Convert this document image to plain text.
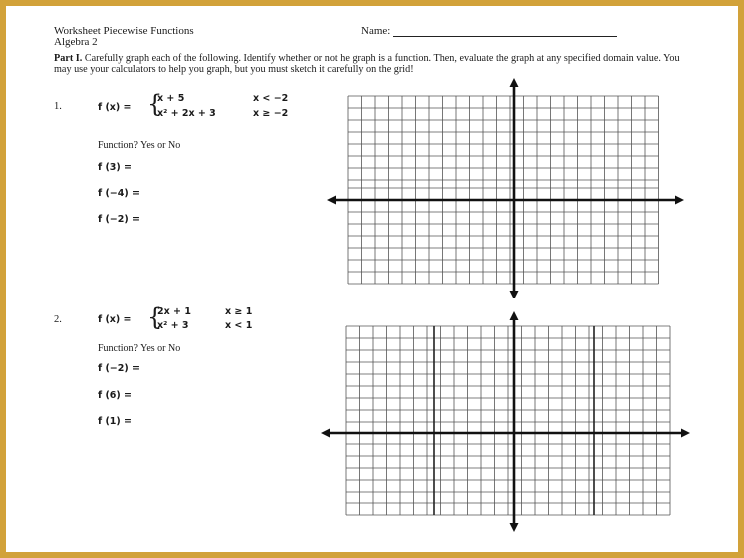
Worksheet Piecewise Functions
Algebra 2
Name:
Part I. Carefully graph each of the following. Identify whether or not he graph is a function. Then, evaluate the graph at any specified domain value. You may use your calculators to help you graph, but you must sketch it carefully on the grid!
1.	f (x) = {
x + 5	x < −2
x² + 2x + 3	x ≥ −2
Function? Yes or No
f (3) =
f (−4) =
f (−2) =
2.	f (x) = {
2x + 1	x ≥ 1
x² + 3	x < 1
Function? Yes or No
f (−2) =
f (6) =
f (1) =
